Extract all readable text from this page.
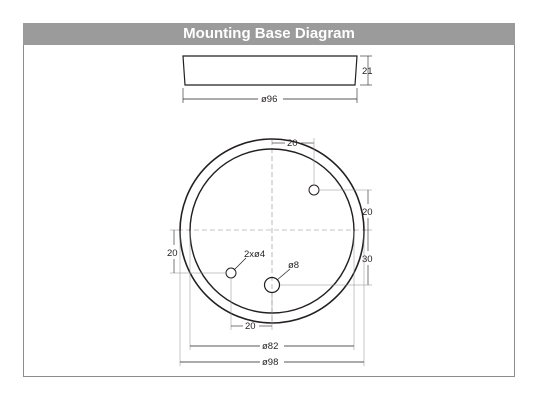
Mounting Base Diagram
21
ø96
20
20
30
20	2xø4
ø8
20
ø82
ø98
